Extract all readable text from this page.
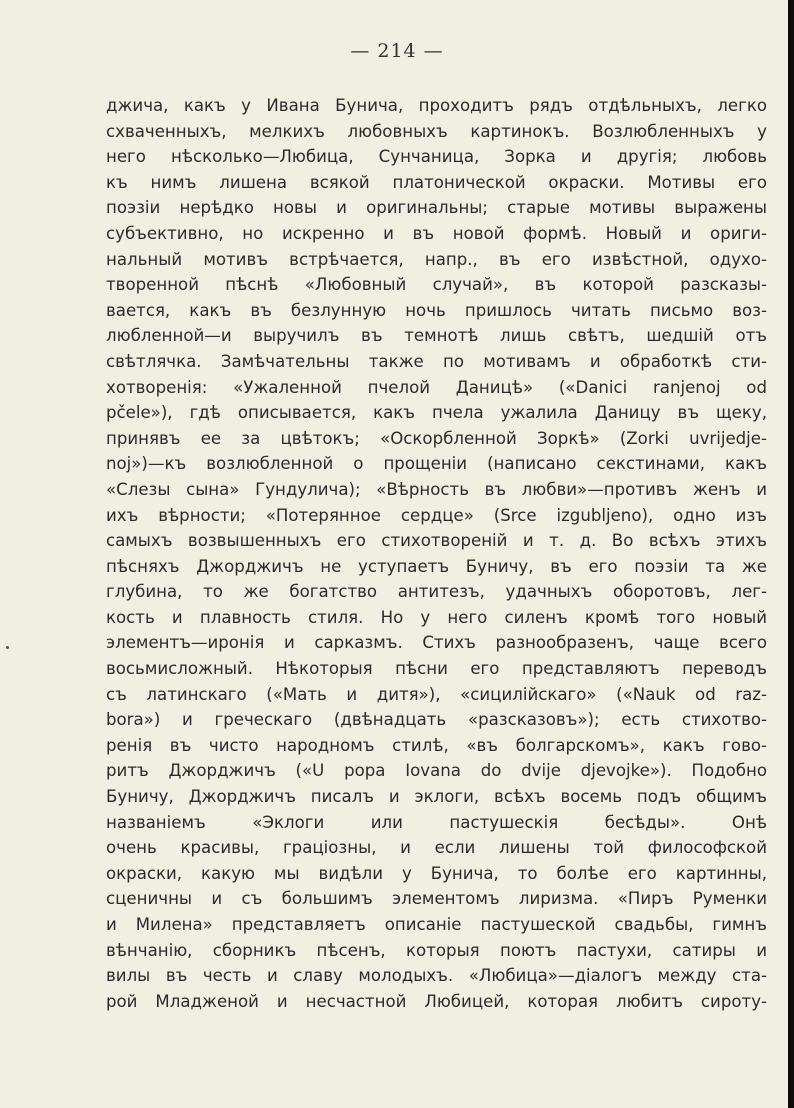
— 214 —
джича, какъ у Ивана Бунича, проходитъ рядъ отдѣльныхъ, легко
схваченныхъ, мелкихъ любовныхъ картинокъ. Возлюбленныхъ у
него нѣсколько—Любица, Сунчаница, Зорка и другія; любовь
къ нимъ лишена всякой платонической окраски. Мотивы его
поэзіи нерѣдко новы и оригинальны; старые мотивы выражены
субъективно, но искренно и въ новой формѣ. Новый и ориги-
нальный мотивъ встрѣчается, напр., въ его извѣстной, одухо-
творенной пѣснѣ «Любовный случай», въ которой разсказы-
вается, какъ въ безлунную ночь пришлось читать письмо воз-
любленной—и выручилъ въ темнотѣ лишь свѣтъ, шедшій отъ
свѣтлячка. Замѣчательны также по мотивамъ и обработкѣ сти-
хотворенія: «Ужаленной пчелой Даницѣ» («Danici ranjenoj od
pčele»), гдѣ описывается, какъ пчела ужалила Даницу въ щеку,
принявъ ее за цвѣтокъ; «Оскорбленной Зоркѣ» (Zorki uvrijedje-
noj»)—къ возлюбленной о прощеніи (написано секстинами, какъ
«Слезы сына» Гундулича); «Вѣрность въ любви»—противъ женъ и
ихъ вѣрности; «Потерянное сердце» (Srce izgubljeno), одно изъ
самыхъ возвышенныхъ его стихотвореній и т. д. Во всѣхъ этихъ
пѣсняхъ Джорджичъ не уступаетъ Буничу, въ его поэзіи та же
глубина, то же богатство антитезъ, удачныхъ оборотовъ, лег-
кость и плавность стиля. Но у него силенъ кромѣ того новый
элементъ—иронія и сарказмъ. Стихъ разнообразенъ, чаще всего
восьмисложный. Нѣкоторыя пѣсни его представляютъ переводъ
съ латинскаго («Мать и дитя»), «сицилійскаго» («Nauk od raz-
bora») и греческаго (двѣнадцать «разсказовъ»); есть стихотво-
ренія въ чисто народномъ стилѣ, «въ болгарскомъ», какъ гово-
ритъ Джорджичъ («U popa Iovana do dvije djevojke»). Подобно
Буничу, Джорджичъ писалъ и эклоги, всѣхъ восемь подъ общимъ
названіемъ «Эклоги или пастушескія бесѣды». Онѣ
очень красивы, граціозны, и если лишены той философской
окраски, какую мы видѣли у Бунича, то болѣе его картинны,
сценичны и съ большимъ элементомъ лиризма. «Пиръ Руменки
и Милена» представляетъ описаніе пастушеской свадьбы, гимнъ
вѣнчанію, сборникъ пѣсенъ, которыя поютъ пастухи, сатиры и
вилы въ честь и славу молодыхъ. «Любица»—діалогъ между ста-
рой Младженой и несчастной Любицей, которая любитъ сироту-
